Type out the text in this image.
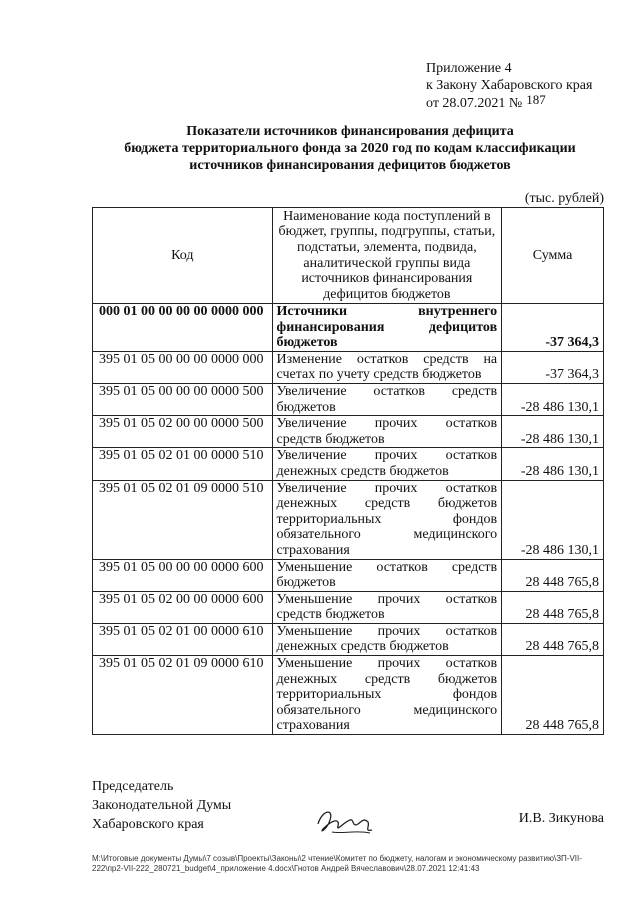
Приложение 4
к Закону Хабаровского края
от 28.07.2021 № 187
Показатели источников финансирования дефицита
бюджета территориального фонда за 2020 год по кодам классификации
источников финансирования дефицитов бюджетов
(тыс. рублей)
Код	Наименование кода поступлений в бюджет, группы, подгруппы, статьи, подстатьи, элемента, подвида, аналитической группы вида источников финансирования дефицитов бюджетов	Сумма
000 01 00 00 00 00 0000 000	Источники внутреннего финансирования дефицитов
бюджетов	-37 364,3
395 01 05 00 00 00 0000 000	Изменение остатков средств на
счетах по учету средств бюджетов	-37 364,3
395 01 05 00 00 00 0000 500	Увеличение остатков средств
бюджетов	-28 486 130,1
395 01 05 02 00 00 0000 500	Увеличение прочих остатков
средств бюджетов	-28 486 130,1
395 01 05 02 01 00 0000 510	Увеличение прочих остатков
денежных средств бюджетов	-28 486 130,1
395 01 05 02 01 09 0000 510	Увеличение прочих остатков денежных средств бюджетов территориальных фондов обязательного медицинского
страхования	-28 486 130,1
395 01 05 00 00 00 0000 600	Уменьшение остатков средств
бюджетов	28 448 765,8
395 01 05 02 00 00 0000 600	Уменьшение прочих остатков
средств бюджетов	28 448 765,8
395 01 05 02 01 00 0000 610	Уменьшение прочих остатков
денежных средств бюджетов	28 448 765,8
395 01 05 02 01 09 0000 610	Уменьшение прочих остатков денежных средств бюджетов территориальных фондов обязательного медицинского
страхования	28 448 765,8
Председатель
Законодательной Думы
Хабаровского края	И.В. Зикунова
M:\Итоговые документы Думы\7 созыв\Проекты\Законы\2 чтение\Комитет по бюджету, налогам и экономическому развитию\ЗП-VII-222\пр2-VII-222_280721_budget\4_приложение 4.docx\Гнотов Андрей Вячеславович\28.07.2021 12:41:43
